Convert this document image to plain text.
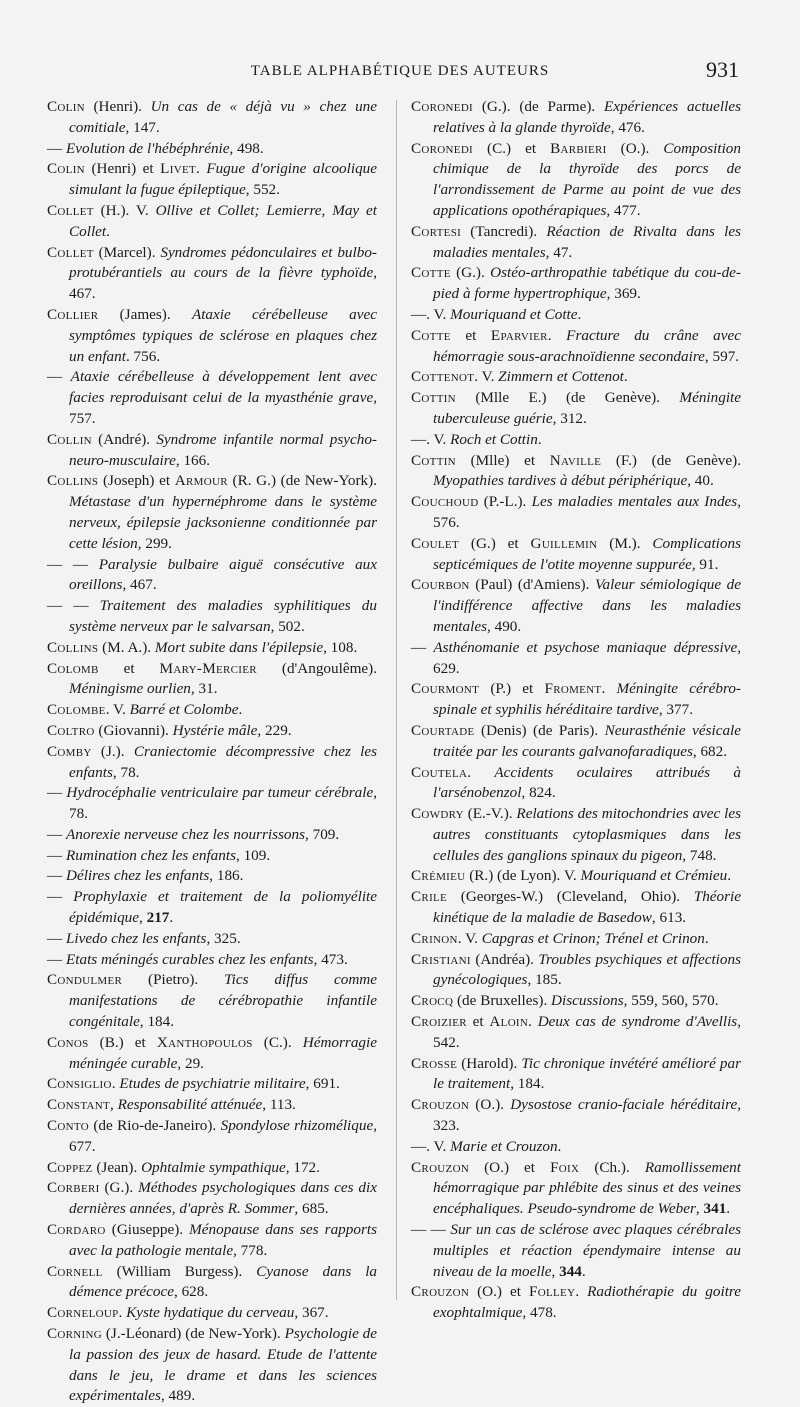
TABLE ALPHABÉTIQUE DES AUTEURS	931
Colin (Henri). Un cas de « déjà vu » chez une comitiale, 147.
— Evolution de l'hébéphrénie, 498.
Colin (Henri) et Livet. Fugue d'origine alcoolique simulant la fugue épileptique, 552.
Collet (H.). V. Ollive et Collet; Lemierre, May et Collet.
Collet (Marcel). Syndromes pédonculaires et bulbo-protubérantiels au cours de la fièvre typhoïde, 467.
Collier (James). Ataxie cérébelleuse avec symptômes typiques de sclérose en plaques chez un enfant. 756.
— Ataxie cérébelleuse à développement lent avec facies reproduisant celui de la myasthénie grave, 757.
Collin (André). Syndrome infantile normal psycho-neuro-musculaire, 166.
Collins (Joseph) et Armour (R. G.) (de New-York). Métastase d'un hypernéphrome dans le système nerveux, épilepsie jacksonienne conditionnée par cette lésion, 299.
— — Paralysie bulbaire aiguë consécutive aux oreillons, 467.
— — Traitement des maladies syphilitiques du système nerveux par le salvarsan, 502.
Collins (M. A.). Mort subite dans l'épilepsie, 108.
Colomb et Mary-Mercier (d'Angoulême). Méningisme ourlien, 31.
Colombe. V. Barré et Colombe.
Coltro (Giovanni). Hystérie mâle, 229.
Comby (J.). Craniectomie décompressive chez les enfants, 78.
— Hydrocéphalie ventriculaire par tumeur cérébrale, 78.
— Anorexie nerveuse chez les nourrissons, 709.
— Rumination chez les enfants, 109.
— Délires chez les enfants, 186.
— Prophylaxie et traitement de la poliomyélite épidémique, 217.
— Livedo chez les enfants, 325.
— Etats méningés curables chez les enfants, 473.
Condulmer (Pietro). Tics diffus comme manifestations de cérébropathie infantile congénitale, 184.
Conos (B.) et Xanthopoulos (C.). Hémorragie méningée curable, 29.
Consiglio. Etudes de psychiatrie militaire, 691.
Constant, Responsabilité atténuée, 113.
Conto (de Rio-de-Janeiro). Spondylose rhizomélique, 677.
Coppez (Jean). Ophtalmie sympathique, 172.
Corberi (G.). Méthodes psychologiques dans ces dix dernières années, d'après R. Sommer, 685.
Cordaro (Giuseppe). Ménopause dans ses rapports avec la pathologie mentale, 778.
Cornell (William Burgess). Cyanose dans la démence précoce, 628.
Corneloup. Kyste hydatique du cerveau, 367.
Corning (J.-Léonard) (de New-York). Psychologie de la passion des jeux de hasard. Etude de l'attente dans le jeu, le drame et dans les sciences expérimentales, 489.
Coronedi (G.). (de Parme). Expériences actuelles relatives à la glande thyroïde, 476.
Coronedi (C.) et Barbieri (O.). Composition chimique de la thyroïde des porcs de l'arrondissement de Parme au point de vue des applications opothérapiques, 477.
Cortesi (Tancredi). Réaction de Rivalta dans les maladies mentales, 47.
Cotte (G.). Ostéo-arthropathie tabétique du cou-de-pied à forme hypertrophique, 369.
—. V. Mouriquand et Cotte.
Cotte et Eparvier. Fracture du crâne avec hémorragie sous-arachnoïdienne secondaire, 597.
Cottenot. V. Zimmern et Cottenot.
Cottin (Mlle E.) (de Genève). Méningite tuberculeuse guérie, 312.
—. V. Roch et Cottin.
Cottin (Mlle) et Naville (F.) (de Genève). Myopathies tardives à début périphérique, 40.
Couchoud (P.-L.). Les maladies mentales aux Indes, 576.
Coulet (G.) et Guillemin (M.). Complications septicémiques de l'otite moyenne suppurée, 91.
Courbon (Paul) (d'Amiens). Valeur sémiologique de l'indifférence affective dans les maladies mentales, 490.
— Asthénomanie et psychose maniaque dépressive, 629.
Courmont (P.) et Froment. Méningite cérébro-spinale et syphilis héréditaire tardive, 377.
Courtade (Denis) (de Paris). Neurasthénie vésicale traitée par les courants galvanofaradiques, 682.
Coutela. Accidents oculaires attribués à l'arsénobenzol, 824.
Cowdry (E.-V.). Relations des mitochondries avec les autres constituants cytoplasmiques dans les cellules des ganglions spinaux du pigeon, 748.
Crémieu (R.) (de Lyon). V. Mouriquand et Crémieu.
Crile (Georges-W.) (Cleveland, Ohio). Théorie kinétique de la maladie de Basedow, 613.
Crinon. V. Capgras et Crinon; Trénel et Crinon.
Cristiani (Andréa). Troubles psychiques et affections gynécologiques, 185.
Crocq (de Bruxelles). Discussions, 559, 560, 570.
Croizier et Aloin. Deux cas de syndrome d'Avellis, 542.
Crosse (Harold). Tic chronique invétéré amélioré par le traitement, 184.
Crouzon (O.). Dysostose cranio-faciale héréditaire, 323.
—. V. Marie et Crouzon.
Crouzon (O.) et Foix (Ch.). Ramollissement hémorragique par phlébite des sinus et des veines encéphaliques. Pseudo-syndrome de Weber, 341.
— — Sur un cas de sclérose avec plaques cérébrales multiples et réaction épendymaire intense au niveau de la moelle, 344.
Crouzon (O.) et Folley. Radiothérapie du goitre exophtalmique, 478.
